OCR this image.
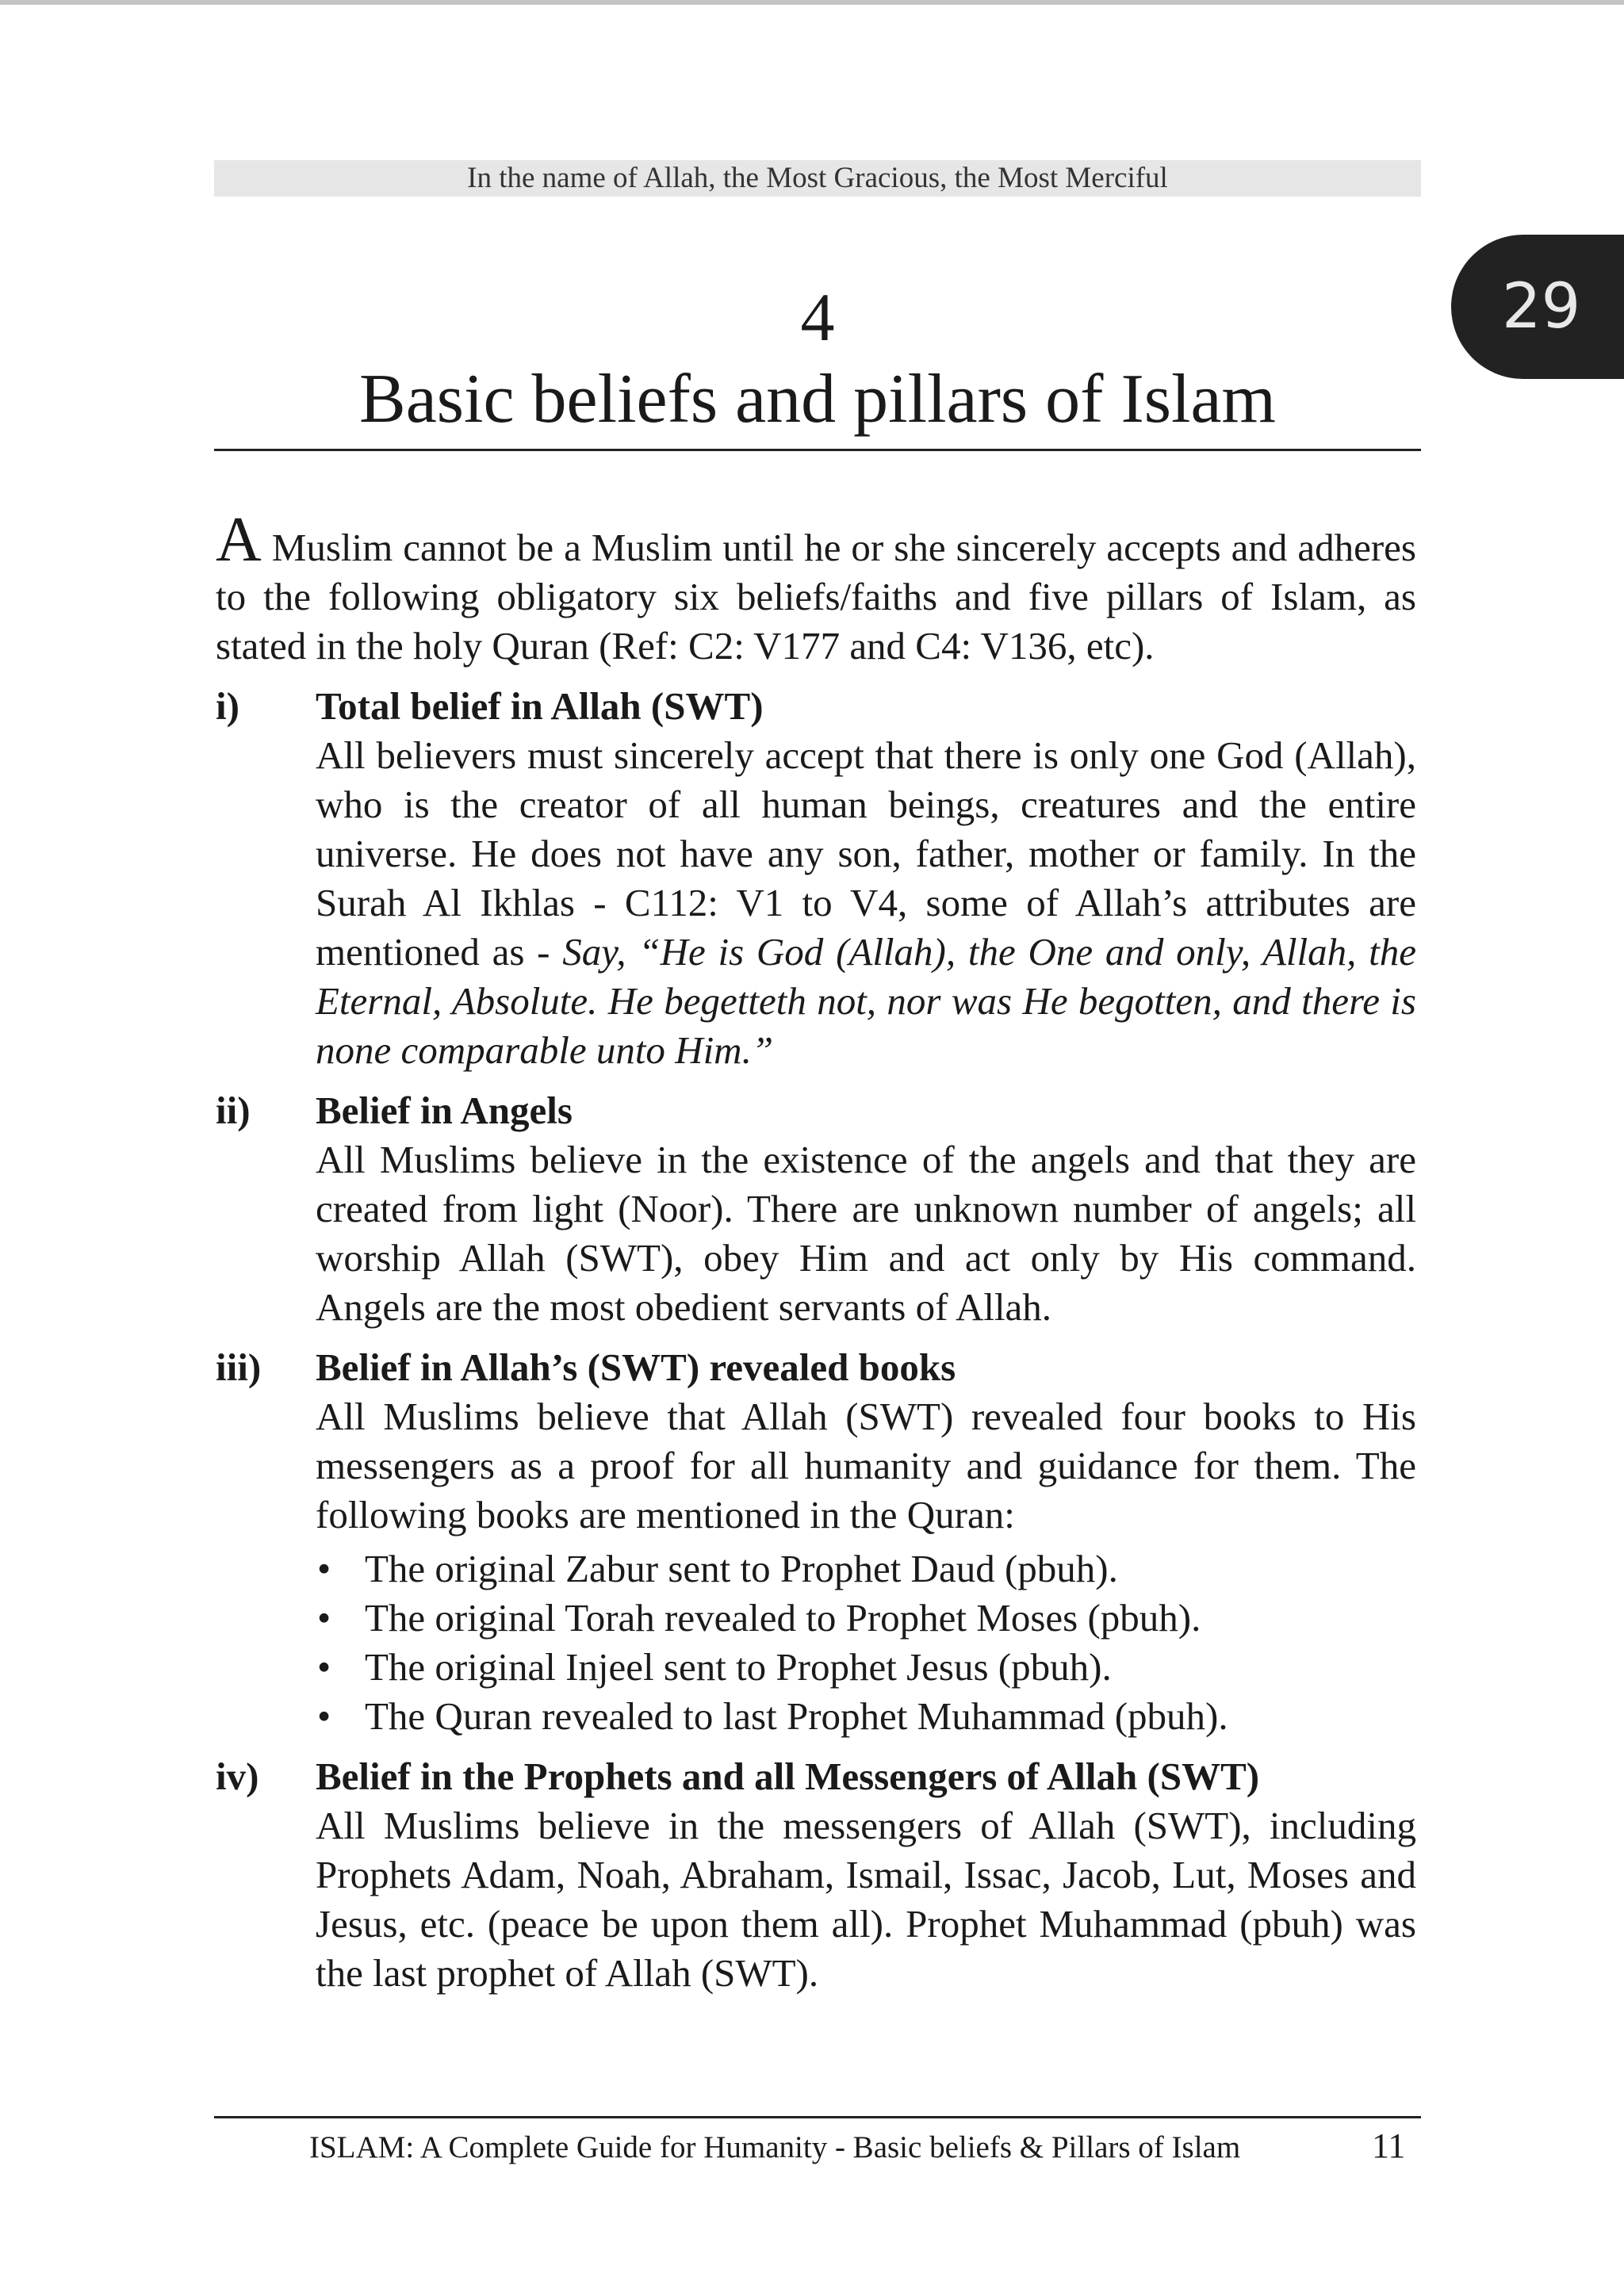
In the name of Allah, the Most Gracious, the Most Merciful
29
4
Basic beliefs and pillars of Islam

A Muslim cannot be a Muslim until he or she sincerely accepts and adheres to the following obligatory six beliefs/faiths and five pillars of Islam, as stated in the holy Quran (Ref: C2: V177 and C4: V136, etc).

i) Total belief in Allah (SWT)

All believers must sincerely accept that there is only one God (Allah), who is the creator of all human beings, creatures and the entire universe. He does not have any son, father, mother or family. In the Surah Al Ikhlas - C112: V1 to V4, some of Allah’s attributes are mentioned as - Say, “He is God (Allah), the One and only, Allah, the Eternal, Absolute. He begetteth not, nor was He begotten, and there is none comparable unto Him.”

ii) Belief in Angels

All Muslims believe in the existence of the angels and that they are created from light (Noor). There are unknown number of angels; all worship Allah (SWT), obey Him and act only by His command. Angels are the most obedient servants of Allah.

iii) Belief in Allah’s (SWT) revealed books

All Muslims believe that Allah (SWT) revealed four books to His messengers as a proof for all humanity and guidance for them. The following books are mentioned in the Quran:

• The original Zabur sent to Prophet Daud (pbuh).
• The original Torah revealed to Prophet Moses (pbuh).
• The original Injeel sent to Prophet Jesus (pbuh).
• The Quran revealed to last Prophet Muhammad (pbuh).
iv) Belief in the Prophets and all Messengers of Allah (SWT)

All Muslims believe in the messengers of Allah (SWT), including Prophets Adam, Noah, Abraham, Ismail, Issac, Jacob, Lut, Moses and Jesus, etc. (peace be upon them all). Prophet Muhammad (pbuh) was the last prophet of Allah (SWT).

ISLAM: A Complete Guide for Humanity - Basic beliefs & Pillars of Islam	11
